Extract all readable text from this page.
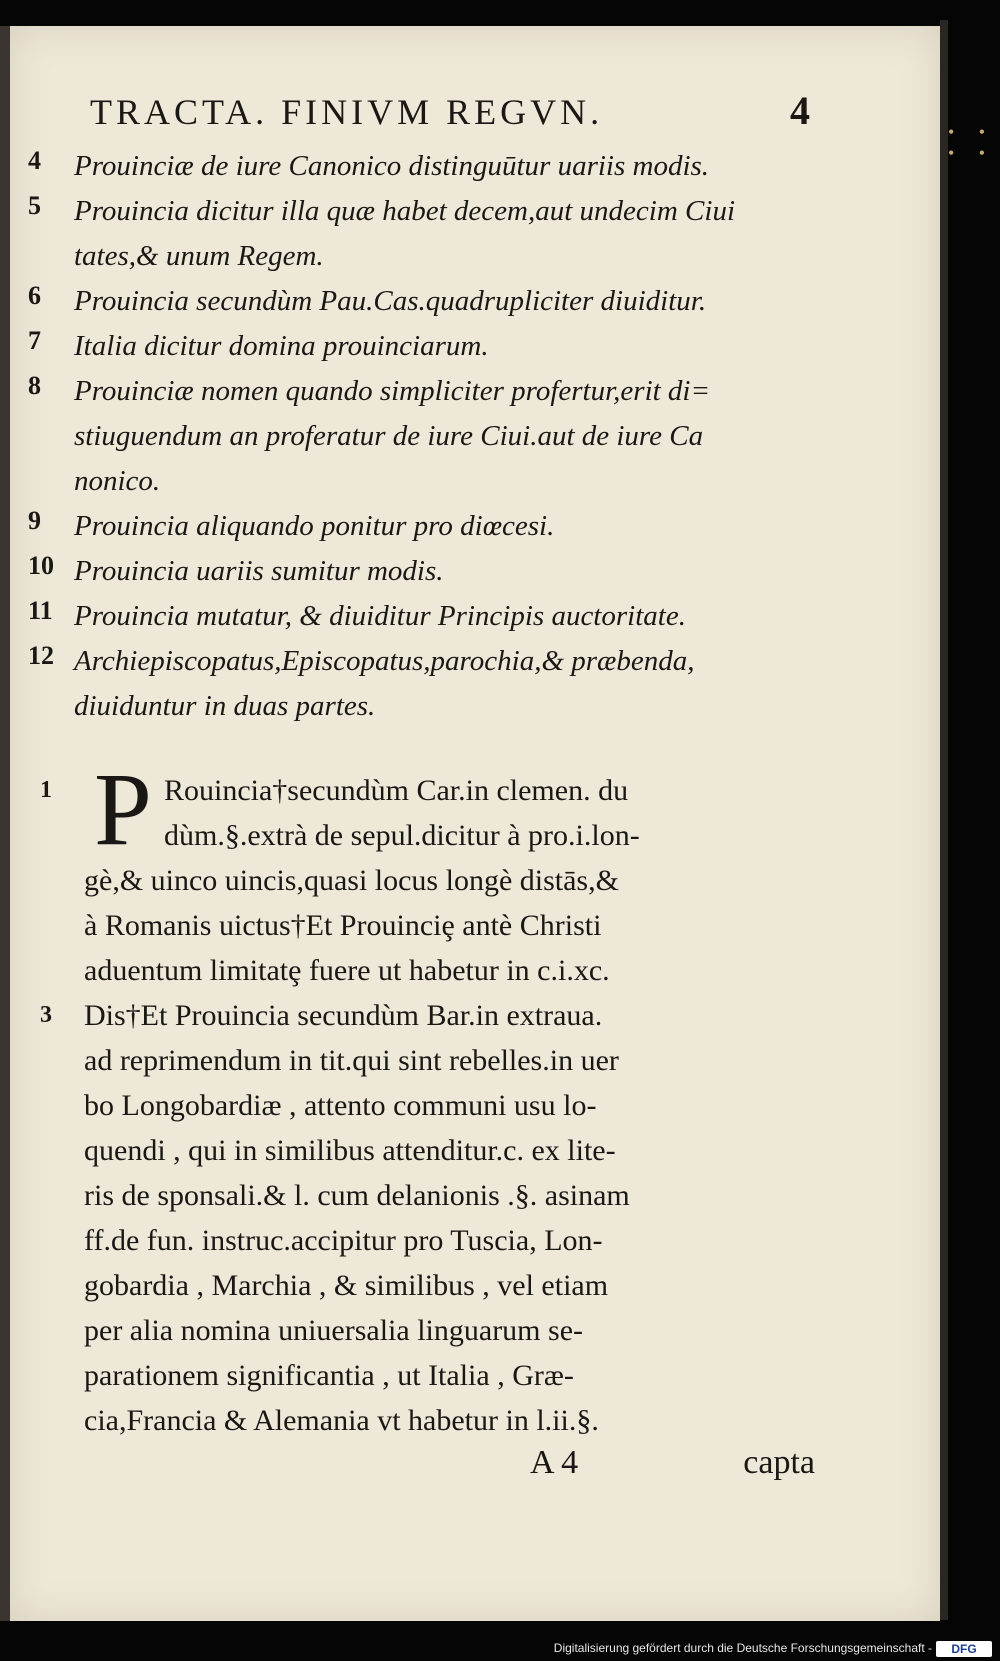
TRACTA. FINIVM REGVN.	4
4	Prouinciæ de iure Canonico distinguūtur uariis modis.
5	Prouincia dicitur illa quæ habet decem,aut undecim Ciui
tates,& unum Regem.
6	Prouincia secundùm Pau.Cas.quadrupliciter diuiditur.
7	Italia dicitur domina prouinciarum.
8	Prouinciæ nomen quando simpliciter profertur,erit di=
stiuguendum an proferatur de iure Ciui.aut de iure Ca
nonico.
9	Prouincia aliquando ponitur pro diœcesi.
10 Prouincia uariis sumitur modis.
11 Prouincia mutatur, & diuiditur Principis auctoritate.
12 Archiepiscopatus,Episcopatus,parochia,& præbenda,
diuiduntur in duas partes.
P
1	Rouincia†secundùm Car.in clemen. du
dùm.§.extrà de sepul.dicitur à pro.i.lon-
gè,& uinco uincis,quasi locus longè distās,&
à Romanis uictus†Et Prouinciȩ antè Christi
aduentum limitatȩ fuere ut habetur in c.i.xc.
3 Dis†Et Prouincia secundùm Bar.in extraua.
ad reprimendum in tit.qui sint rebelles.in uer
bo Longobardiæ , attento communi usu lo-
quendi , qui in similibus attenditur.c. ex lite-
ris de sponsali.& l. cum delanionis .§. asinam
ff.de fun. instruc.accipitur pro Tuscia, Lon-
gobardia , Marchia , & similibus , vel etiam
per alia nomina uniuersalia linguarum se-
parationem significantia , ut Italia , Græ-
cia,Francia & Alemania vt habetur in l.ii.§.
A 4	capta
• • • •
Digitalisierung gefördert durch die Deutsche Forschungsgemeinschaft -	DFG
